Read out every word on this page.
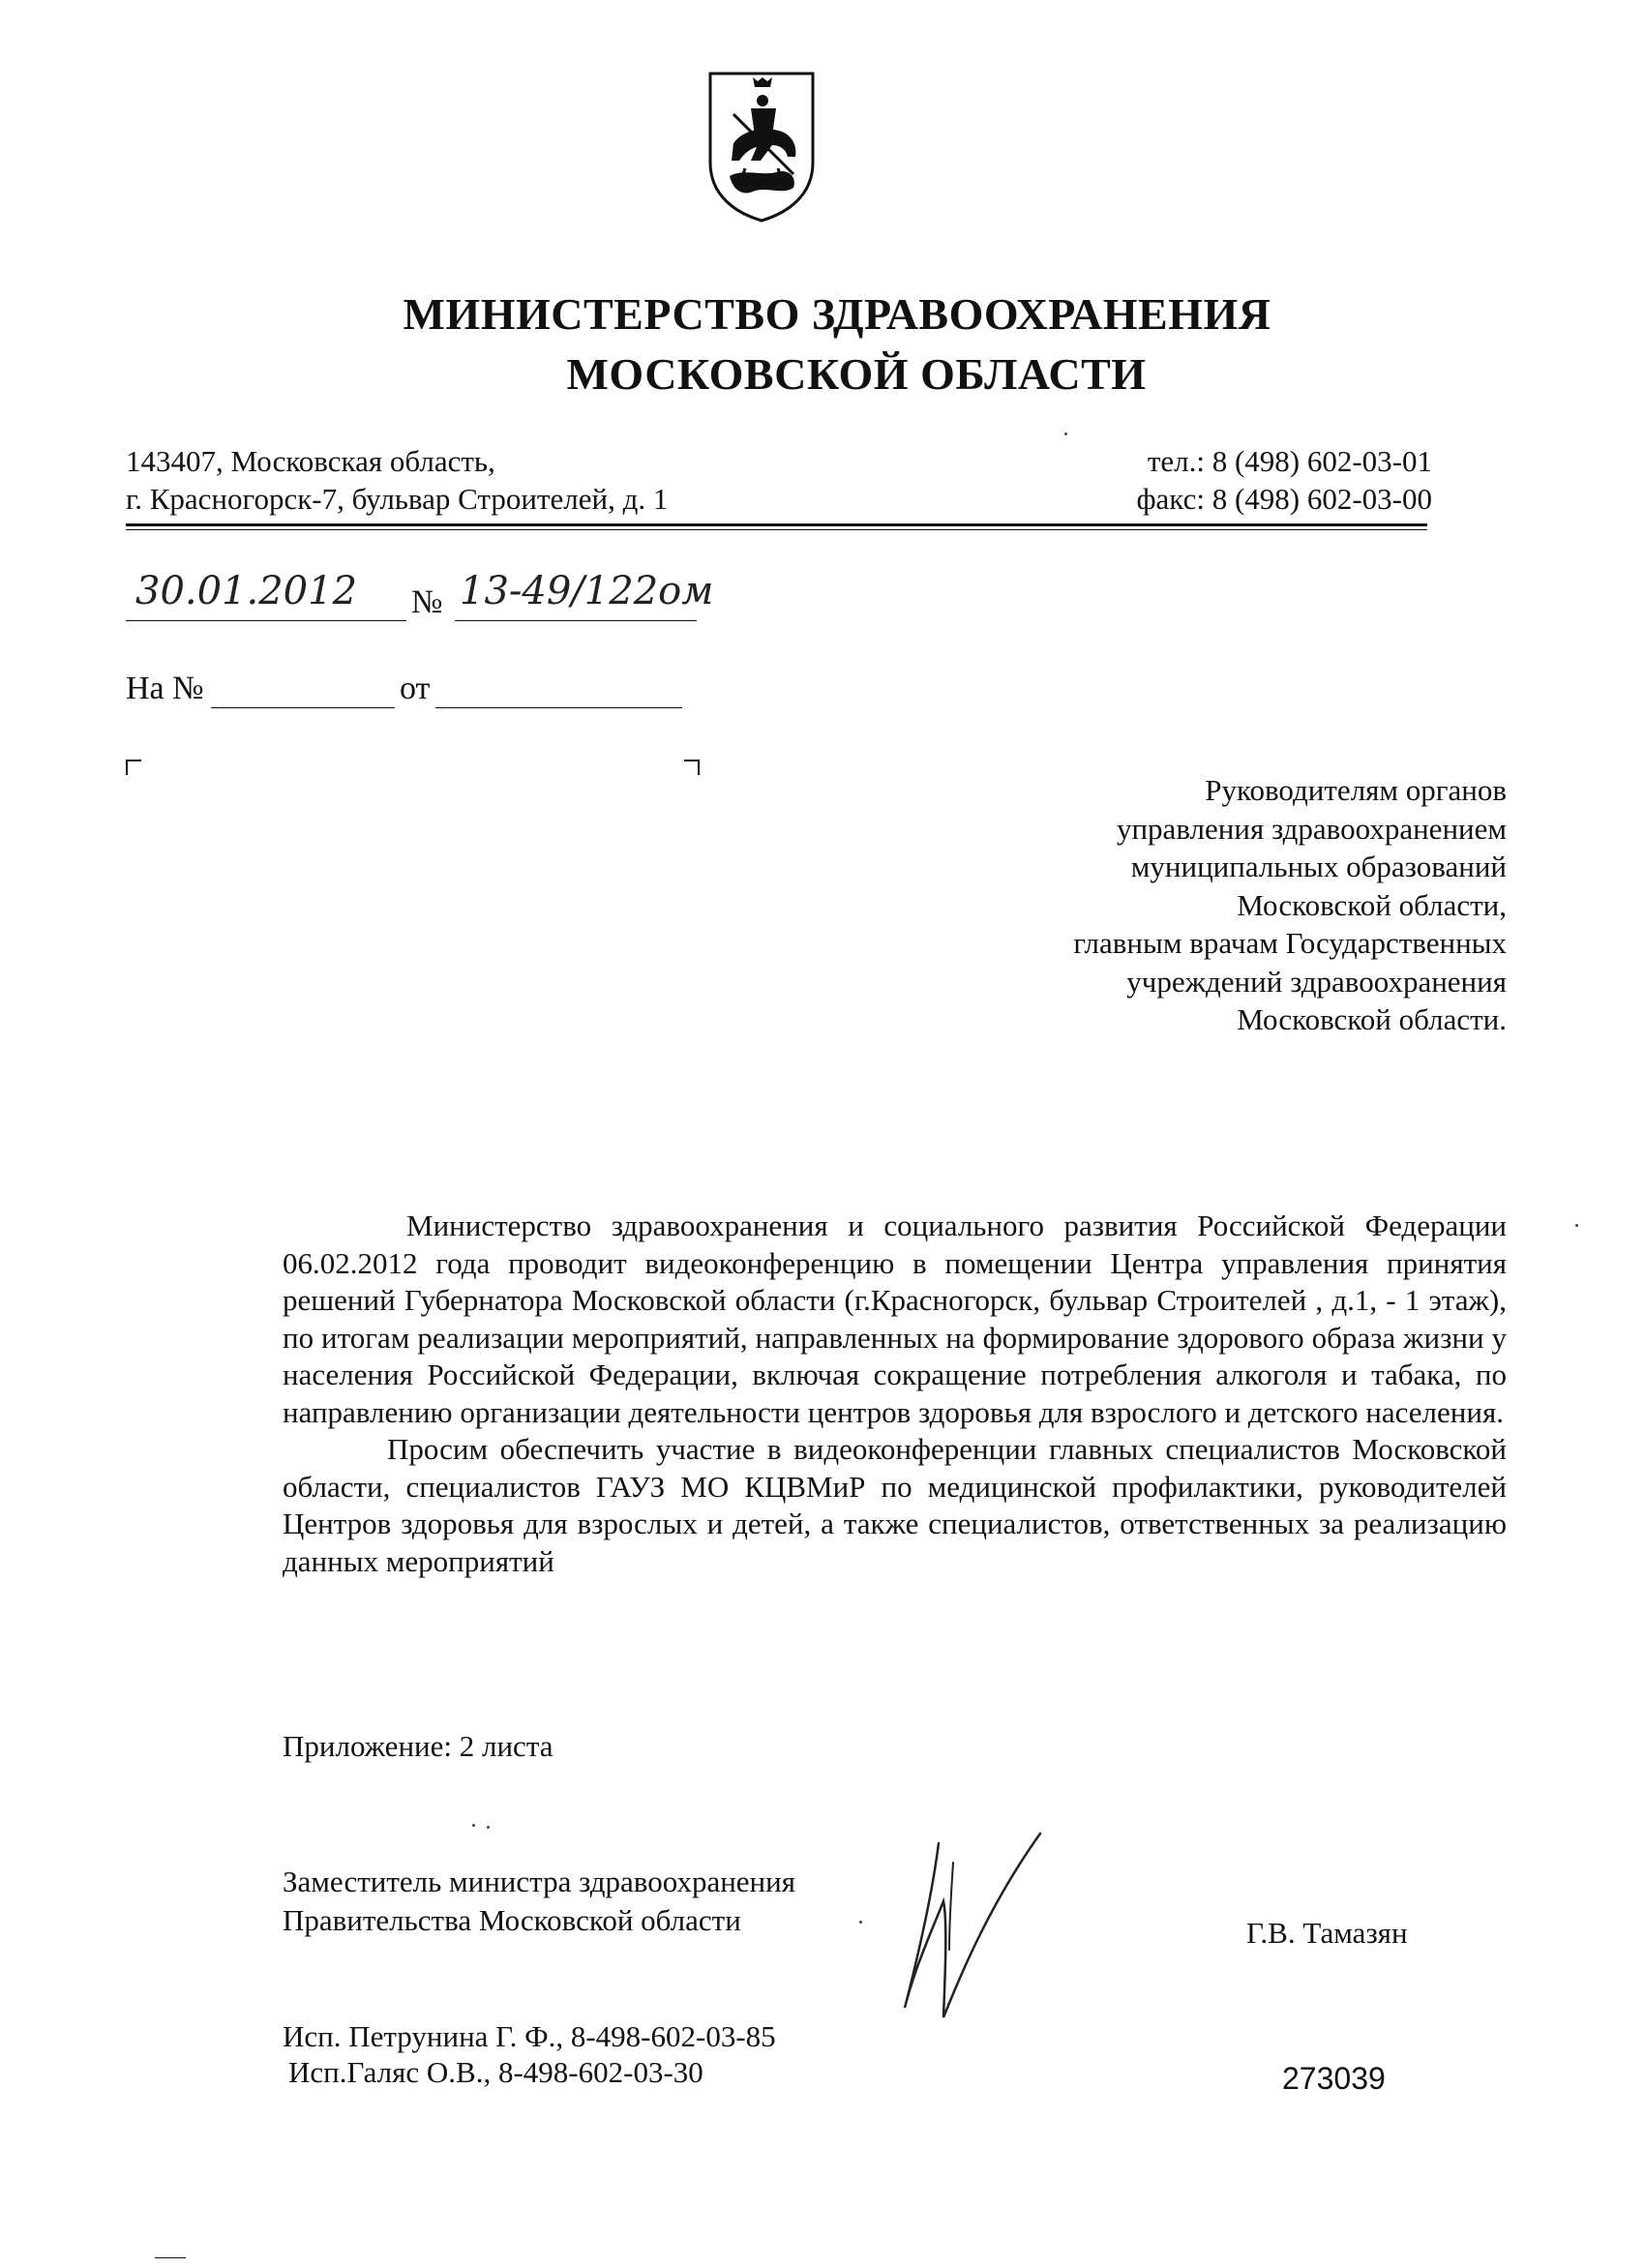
МИНИСТЕРСТВО ЗДРАВООХРАНЕНИЯ
МОСКОВСКОЙ ОБЛАСТИ
143407, Московская область,
г. Красногорск-7, бульвар Строителей, д. 1
тел.: 8 (498) 602-03-01
факс: 8 (498) 602-03-00
30.01.2012 № 13-49/122ом
На №	от
Руководителям органов
управления здравоохранением
муниципальных образований
Московской области,
главным врачам Государственных
учреждений здравоохранения
Московской области.

Министерство здравоохранения и социального развития Российской Федерации 06.02.2012 года проводит видеоконференцию в помещении Центра управления принятия решений Губернатора Московской области (г.Красногорск, бульвар Строителей , д.1, - 1 этаж), по итогам реализации мероприятий, направленных на формирование здорового образа жизни у населения Российской Федерации, включая сокращение потребления алкоголя и табака, по направлению организации деятельности центров здоровья для взрослого и детского населения.

Просим обеспечить участие в видеоконференции главных специалистов Московской области, специалистов ГАУЗ МО КЦВМиР по медицинской профилактики, руководителей Центров здоровья для взрослых и детей, а также специалистов, ответственных за реализацию данных мероприятий

Приложение: 2 листа
Заместитель министра здравоохранения
Правительства Московской области	Г.В. Тамазян
Исп. Петрунина Г. Ф., 8-498-602-03-85
Исп.Галяс О.В., 8-498-602-03-30	273039
